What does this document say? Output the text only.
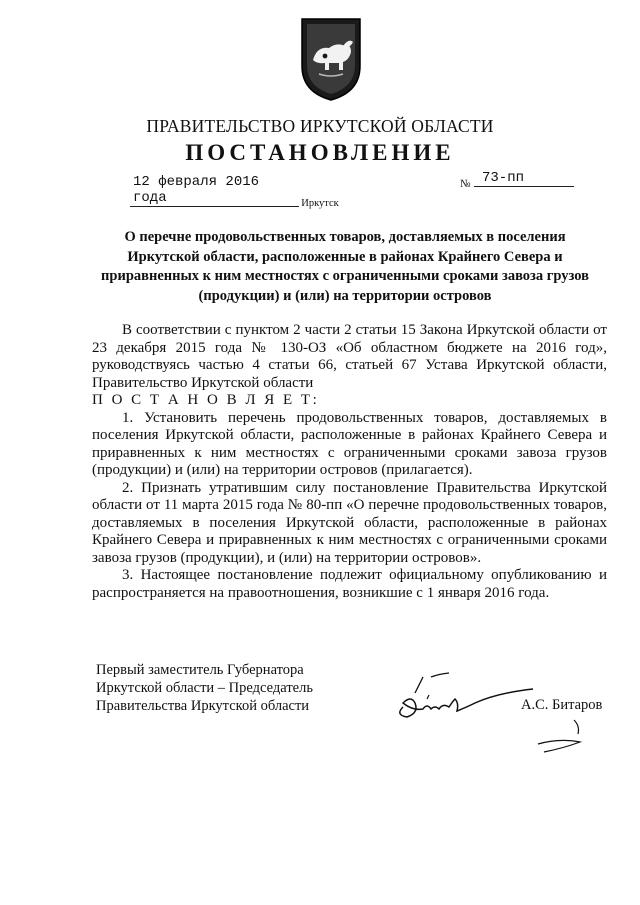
ПРАВИТЕЛЬСТВО ИРКУТСКОЙ ОБЛАСТИ
ПОСТАНОВЛЕНИЕ
12 февраля 2016 года
№ 73-пп
Иркутск
О перечне продовольственных товаров, доставляемых в поселения Иркутской области, расположенные в районах Крайнего Севера и приравненных к ним местностях с ограниченными сроками завоза грузов (продукции) и (или) на территории островов

В соответствии с пунктом 2 части 2 статьи 15 Закона Иркутской области от 23 декабря 2015 года № 130-ОЗ «Об областном бюджете на 2016 год», руководствуясь частью 4 статьи 66, статьей 67 Устава Иркутской области, Правительство Иркутской области

П О С Т А Н О В Л Я Е Т:

1. Установить перечень продовольственных товаров, доставляемых в поселения Иркутской области, расположенные в районах Крайнего Севера и приравненных к ним местностях с ограниченными сроками завоза грузов (продукции) и (или) на территории островов (прилагается).

2. Признать утратившим силу постановление Правительства Иркутской области от 11 марта 2015 года № 80-пп «О перечне продовольственных товаров, доставляемых в поселения Иркутской области, расположенные в районах Крайнего Севера и приравненных к ним местностях с ограниченными сроками завоза грузов (продукции), и (или) на территории островов».

3. Настоящее постановление подлежит официальному опубликованию и распространяется на правоотношения, возникшие с 1 января 2016 года.

Первый заместитель Губернатора
Иркутской области – Председатель
Правительства Иркутской области	А.С. Битаров
